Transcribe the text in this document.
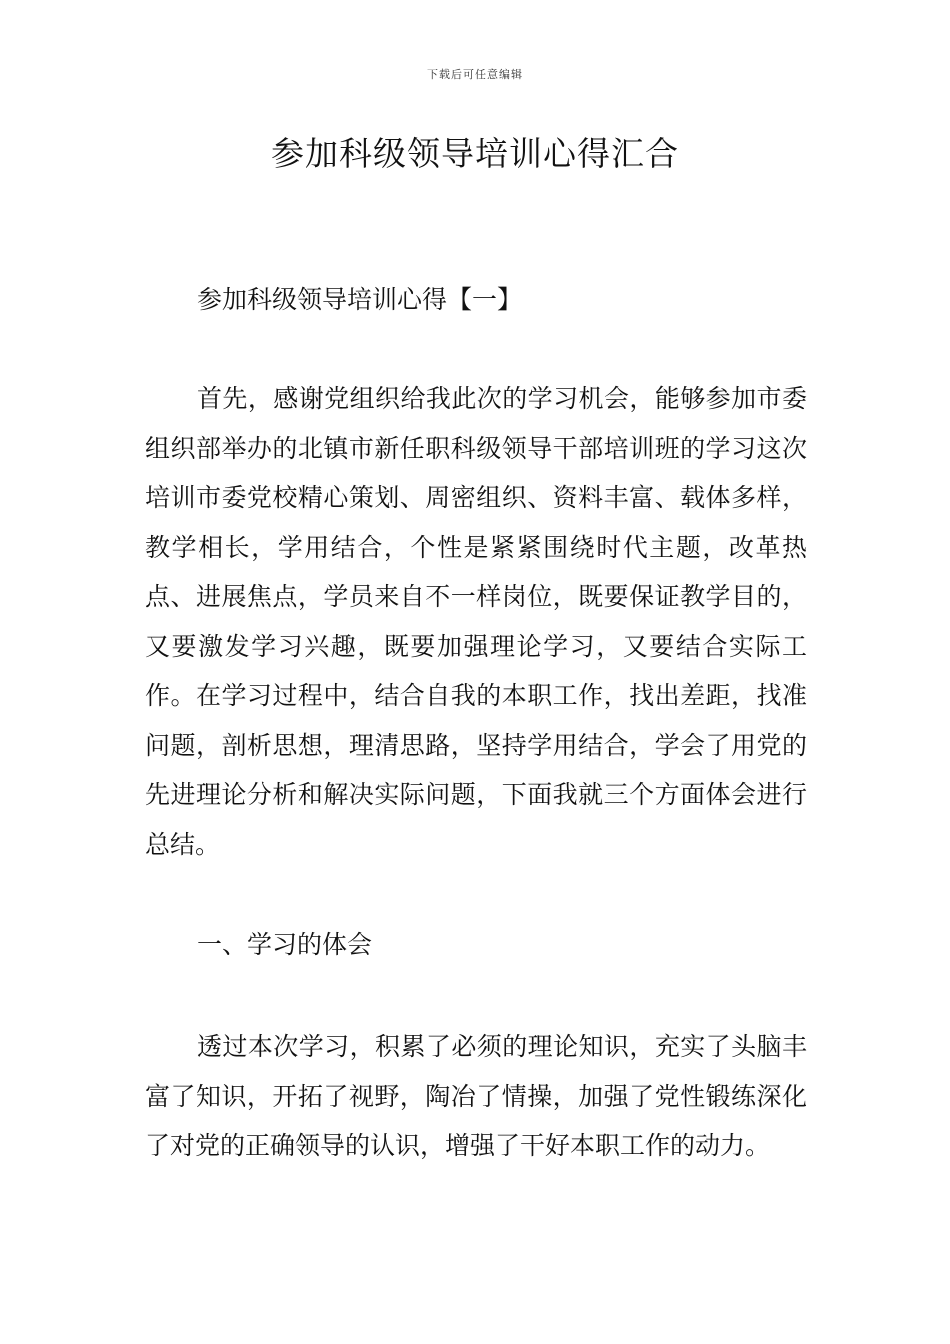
下载后可任意编辑
参加科级领导培训心得汇合

参加科级领导培训心得【一】

首先，感谢党组织给我此次的学习机会，能够参加市委组织部举办的北镇市新任职科级领导干部培训班的学习这次培训市委党校精心策划、周密组织、资料丰富、载体多样，教学相长，学用结合，个性是紧紧围绕时代主题，改革热点、进展焦点，学员来自不一样岗位，既要保证教学目的，又要激发学习兴趣，既要加强理论学习，又要结合实际工作。在学习过程中，结合自我的本职工作，找出差距，找准问题，剖析思想，理清思路，坚持学用结合，学会了用党的先进理论分析和解决实际问题，下面我就三个方面体会进行总结。

一、学习的体会

透过本次学习，积累了必须的理论知识，充实了头脑丰富了知识，开拓了视野，陶冶了情操，加强了党性锻练深化了对党的正确领导的认识，增强了干好本职工作的动力。
